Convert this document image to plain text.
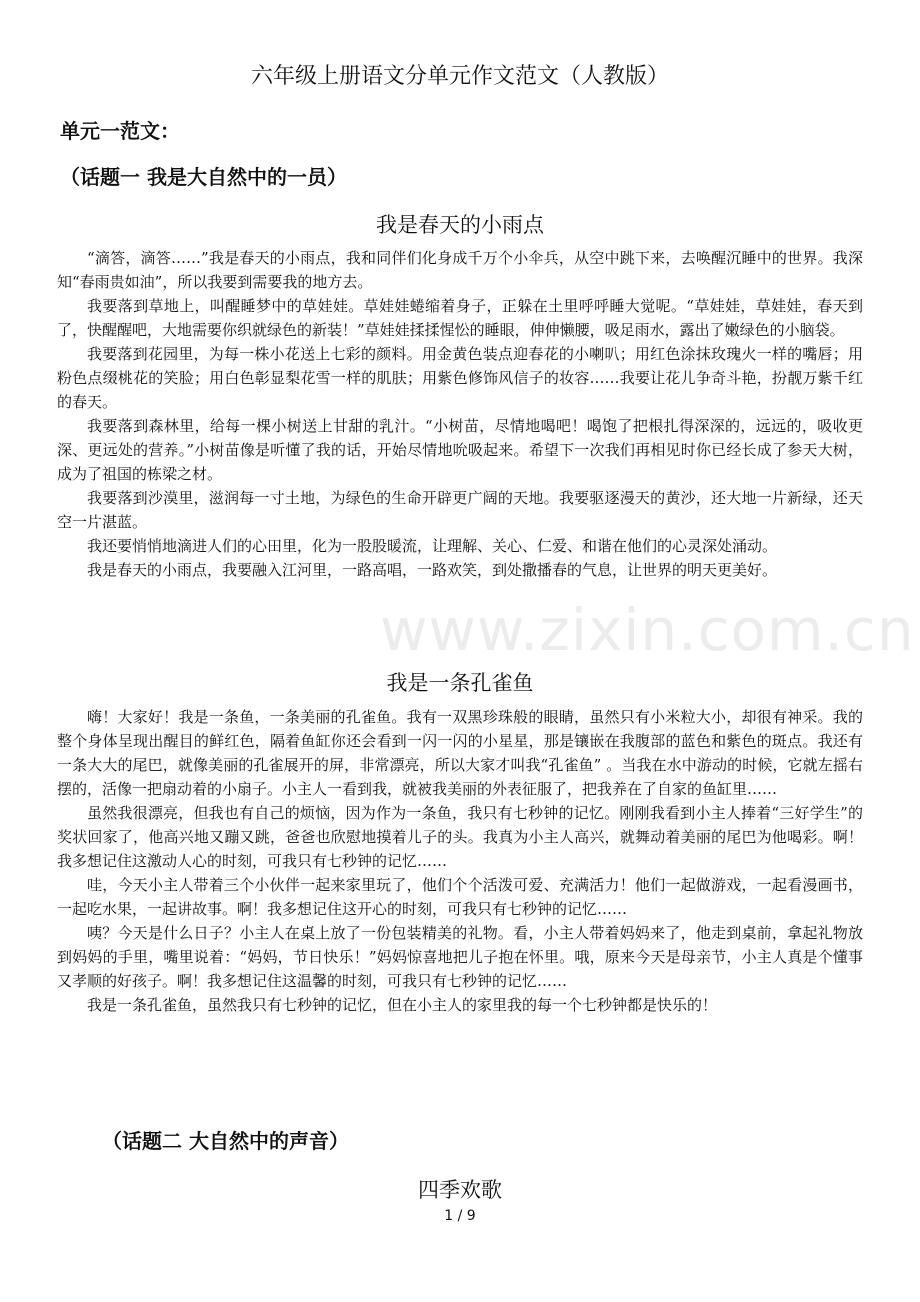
六年级上册语文分单元作文范文（人教版）
单元一范文：
（话题一 我是大自然中的一员）
我是春天的小雨点

“滴答，滴答……”我是春天的小雨点，我和同伴们化身成千万个小伞兵，从空中跳下来，去唤醒沉睡中的世界。我深知“春雨贵如油”，所以我要到需要我的地方去。

我要落到草地上，叫醒睡梦中的草娃娃。草娃娃蜷缩着身子，正躲在土里呼呼睡大觉呢。“草娃娃，草娃娃，春天到了，快醒醒吧，大地需要你织就绿色的新装！”草娃娃揉揉惺忪的睡眼，伸伸懒腰，吸足雨水，露出了嫩绿色的小脑袋。

我要落到花园里，为每一株小花送上七彩的颜料。用金黄色装点迎春花的小喇叭；用红色涂抹玫瑰火一样的嘴唇；用粉色点缀桃花的笑脸；用白色彰显梨花雪一样的肌肤；用紫色修饰风信子的妆容……我要让花儿争奇斗艳，扮靓万紫千红的春天。

我要落到森林里，给每一棵小树送上甘甜的乳汁。“小树苗，尽情地喝吧！喝饱了把根扎得深深的，远远的，吸收更深、更远处的营养。”小树苗像是听懂了我的话，开始尽情地吮吸起来。希望下一次我们再相见时你已经长成了参天大树，成为了祖国的栋梁之材。

我要落到沙漠里，滋润每一寸土地，为绿色的生命开辟更广阔的天地。我要驱逐漫天的黄沙，还大地一片新绿，还天空一片湛蓝。

我还要悄悄地滴进人们的心田里，化为一股股暖流，让理解、关心、仁爱、和谐在他们的心灵深处涌动。

我是春天的小雨点，我要融入江河里，一路高唱，一路欢笑，到处撒播春的气息，让世界的明天更美好。

www.zixin.com.cn
我是一条孔雀鱼

嗨！大家好！我是一条鱼，一条美丽的孔雀鱼。我有一双黑珍珠般的眼睛，虽然只有小米粒大小，却很有神采。我的整个身体呈现出醒目的鲜红色，隔着鱼缸你还会看到一闪一闪的小星星，那是镶嵌在我腹部的蓝色和紫色的斑点。我还有一条大大的尾巴，就像美丽的孔雀展开的屏，非常漂亮，所以大家才叫我“孔雀鱼” 。当我在水中游动的时候，它就左摇右摆的，活像一把扇动着的小扇子。小主人一看到我，就被我美丽的外表征服了，把我养在了自家的鱼缸里……

虽然我很漂亮，但我也有自己的烦恼，因为作为一条鱼，我只有七秒钟的记忆。刚刚我看到小主人捧着“三好学生”的奖状回家了，他高兴地又蹦又跳，爸爸也欣慰地摸着儿子的头。我真为小主人高兴，就舞动着美丽的尾巴为他喝彩。啊！我多想记住这激动人心的时刻，可我只有七秒钟的记忆……

哇，今天小主人带着三个小伙伴一起来家里玩了，他们个个活泼可爱、充满活力！他们一起做游戏，一起看漫画书，一起吃水果，一起讲故事。啊！我多想记住这开心的时刻，可我只有七秒钟的记忆……

咦？今天是什么日子？小主人在桌上放了一份包装精美的礼物。看，小主人带着妈妈来了，他走到桌前，拿起礼物放到妈妈的手里，嘴里说着：“妈妈，节日快乐！”妈妈惊喜地把儿子抱在怀里。哦，原来今天是母亲节，小主人真是个懂事又孝顺的好孩子。啊！我多想记住这温馨的时刻，可我只有七秒钟的记忆……

我是一条孔雀鱼，虽然我只有七秒钟的记忆，但在小主人的家里我的每一个七秒钟都是快乐的！

（话题二 大自然中的声音）
四季欢歌
1 / 9
